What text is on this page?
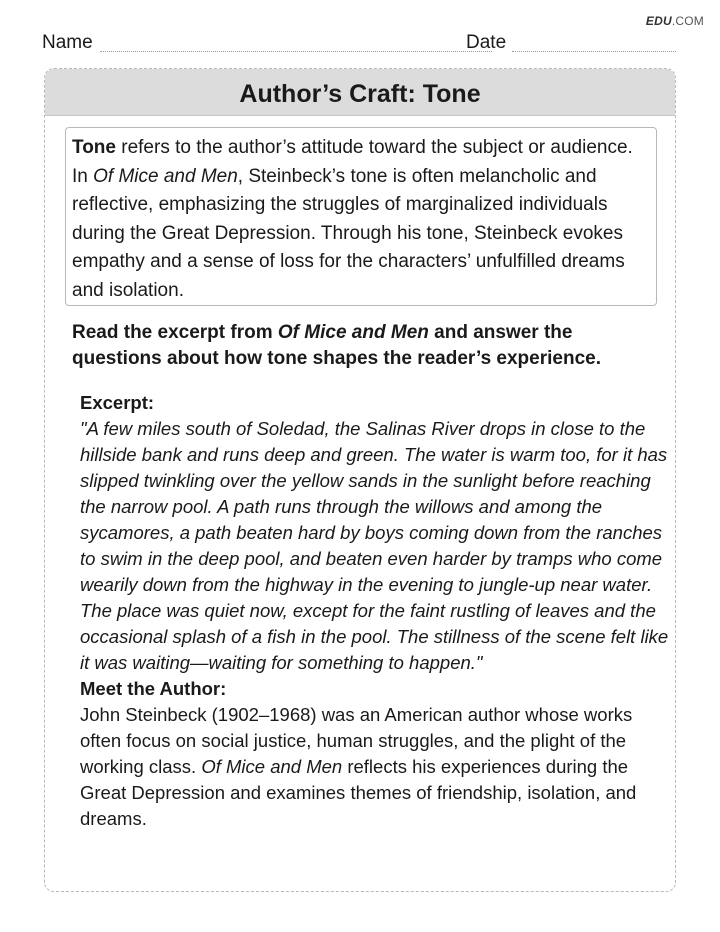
EDU.COM
Name	Date
Author’s Craft: Tone
Tone refers to the author’s attitude toward the subject or audience. In Of Mice and Men, Steinbeck’s tone is often melancholic and reflective, emphasizing the struggles of marginalized individuals during the Great Depression. Through his tone, Steinbeck evokes empathy and a sense of loss for the characters’ unfulfilled dreams and isolation.
Read the excerpt from Of Mice and Men and answer the questions about how tone shapes the reader’s experience.
Excerpt:
"A few miles south of Soledad, the Salinas River drops in close to the hillside bank and runs deep and green. The water is warm too, for it has slipped twinkling over the yellow sands in the sunlight before reaching the narrow pool. A path runs through the willows and among the sycamores, a path beaten hard by boys coming down from the ranches to swim in the deep pool, and beaten even harder by tramps who come wearily down from the highway in the evening to jungle-up near water. The place was quiet now, except for the faint rustling of leaves and the occasional splash of a fish in the pool. The stillness of the scene felt like it was waiting—waiting for something to happen."
Meet the Author:
John Steinbeck (1902–1968) was an American author whose works often focus on social justice, human struggles, and the plight of the working class. Of Mice and Men reflects his experiences during the Great Depression and examines themes of friendship, isolation, and dreams.
